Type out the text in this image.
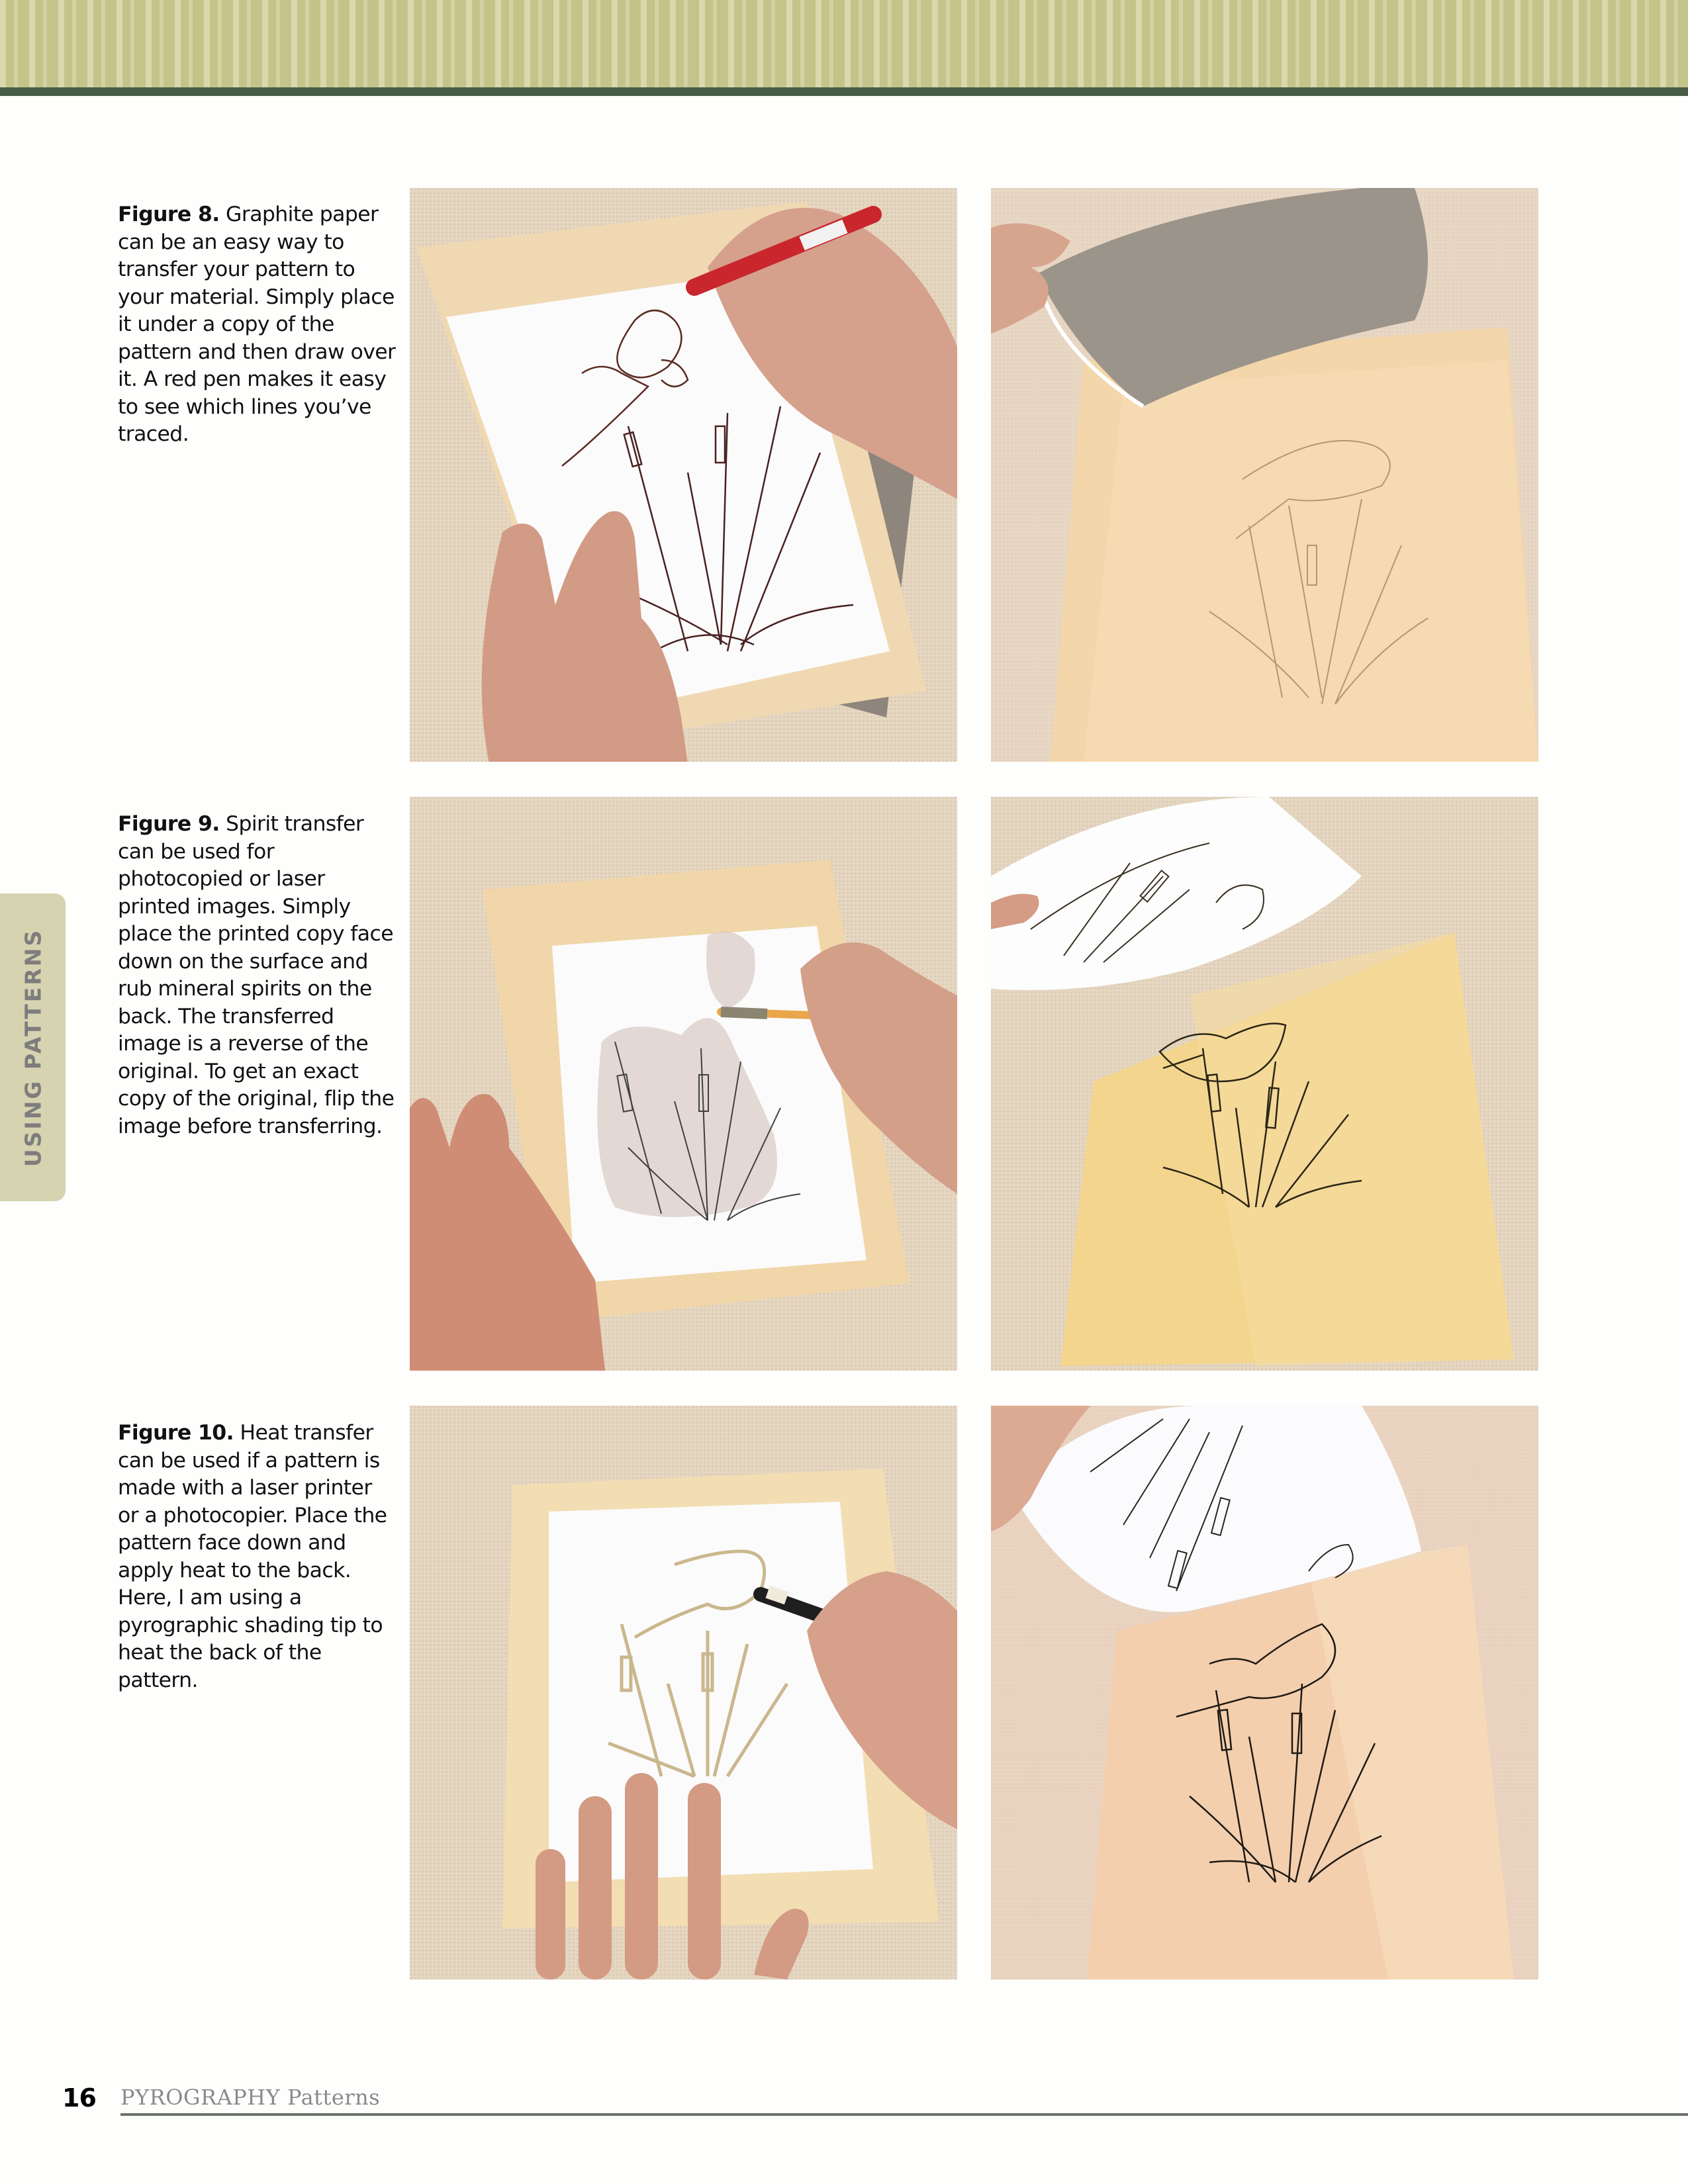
USING PATTERNS
Figure 8. Graphite paper can be an easy way to transfer your pattern to your material. Simply place it under a copy of the pattern and then draw over it. A red pen makes it easy to see which lines you’ve traced.
Figure 9. Spirit transfer can be used for photocopied or laser printed images. Simply place the printed copy face down on the surface and rub mineral spirits on the back. The transferred image is a reverse of the original. To get an exact copy of the original, flip the image before transferring.
Figure 10. Heat transfer can be used if a pattern is made with a laser printer or a photocopier. Place the pattern face down and apply heat to the back. Here, I am using a pyrographic shading tip to heat the back of the pattern.
16 PYROGRAPHY Patterns
